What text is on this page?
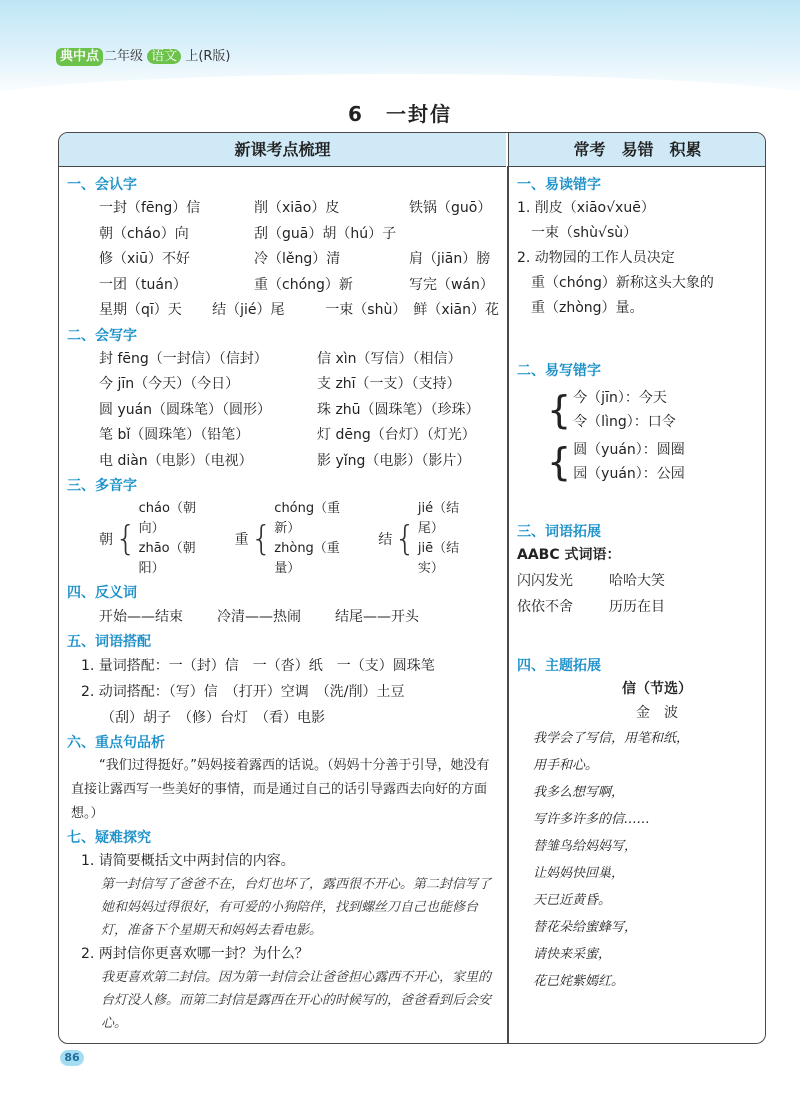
典中点 二年级 语文 上(R版)
6　一封信
新课考点梳理	常考　易错　积累
一、会认字
一封（fēng）信	削（xiāo）皮	铁锅（guō）
朝（cháo）向	刮（guā）胡（hú）子
修（xiū）不好	冷（lěng）清	肩（jiān）膀
一团（tuán）	重（chóng）新	写完（wán）
星期（qī）天	结（jié）尾	一束（shù）　鲜（xiān）花
二、会写字
封 fēng（一封信）（信封）	信 xìn（写信）（相信）
今 jīn（今天）（今日）	支 zhī（一支）（支持）
圆 yuán（圆珠笔）（圆形）	珠 zhū（圆珠笔）（珍珠）
笔 bǐ（圆珠笔）（铅笔）	灯 dēng（台灯）（灯光）
电 diàn（电影）（电视）	影 yǐng（电影）（影片）
三、多音字
朝 {
cháo（朝向）
zhāo（朝阳）
重 {
chóng（重新）
zhòng（重量）
结 {
jié（结尾）
jiē（结实）
四、反义词
开始——结束 冷清——热闹 结尾——开头
五、词语搭配
1. 量词搭配：一（封）信　一（沓）纸　一（支）圆珠笔
2. 动词搭配：（写）信　（打开）空调　（洗/削）土豆
（刮）胡子　（修）台灯　（看）电影
六、重点句品析
“我们过得挺好。”妈妈接着露西的话说。（妈妈十分善于引导，她没有直接让露西写一些美好的事情，而是通过自己的话引导露西去向好的方面想。）
七、疑难探究
1. 请简要概括文中两封信的内容。
第一封信写了爸爸不在，台灯也坏了，露西很不开心。第二封信写了她和妈妈过得很好，有可爱的小狗陪伴，找到螺丝刀自己也能修台灯，准备下个星期天和妈妈去看电影。
2. 两封信你更喜欢哪一封？为什么？
我更喜欢第二封信。因为第一封信会让爸爸担心露西不开心，家里的台灯没人修。而第二封信是露西在开心的时候写的，爸爸看到后会安心。
一、易读错字
1. 削皮（xiāo√xuē）
一束（shù√sù）
2. 动物园的工作人员决定
重（chóng）新称这头大象的
重（zhòng）量。
二、易写错字
{ 今（jīn）：今天
令（lìng）：口令
{ 圆（yuán）：圆圈
园（yuán）：公园
三、词语拓展
AABC 式词语：
闪闪发光	哈哈大笑
依依不舍	历历在目
四、主题拓展
信（节选）
金　波
我学会了写信，用笔和纸，
用手和心。
我多么想写啊，
写许多许多的信……
替雏鸟给妈妈写，
让妈妈快回巢，
天已近黄昏。
替花朵给蜜蜂写，
请快来采蜜，
花已姹紫嫣红。
86
